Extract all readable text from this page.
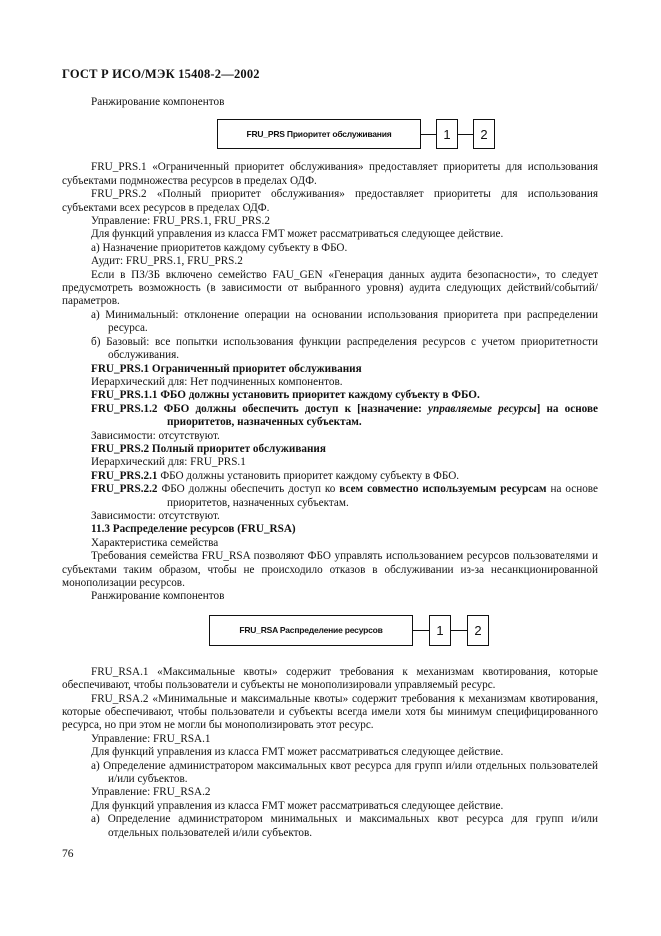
ГОСТ Р ИСО/МЭК 15408-2—2002

Ранжирование компонентов

FRU_PRS Приоритет обслуживания	1	2

FRU_PRS.1 «Ограниченный приоритет обслуживания» предоставляет приоритеты для использования субъектами подмножества ресурсов в пределах ОДФ.

FRU_PRS.2 «Полный приоритет обслуживания» предоставляет приоритеты для использования субъектами всех ресурсов в пределах ОДФ.

Управление: FRU_PRS.1, FRU_PRS.2

Для функций управления из класса FMT может рассматриваться следующее действие.

а) Назначение приоритетов каждому субъекту в ФБО.

Аудит: FRU_PRS.1, FRU_PRS.2

Если в ПЗ/ЗБ включено семейство FAU_GEN «Генерация данных аудита безопасности», то следует предусмотреть возможность (в зависимости от выбранного уровня) аудита следующих действий/событий/параметров.

а) Минимальный: отклонение операции на основании использования приоритета при распределении ресурса.

б) Базовый: все попытки использования функции распределения ресурсов с учетом приоритетности обслуживания.

FRU_PRS.1 Ограниченный приоритет обслуживания

Иерархический для: Нет подчиненных компонентов.

FRU_PRS.1.1 ФБО должны установить приоритет каждому субъекту в ФБО.

FRU_PRS.1.2 ФБО должны обеспечить доступ к [назначение: управляемые ресурсы] на основе приоритетов, назначенных субъектам.

Зависимости: отсутствуют.

FRU_PRS.2 Полный приоритет обслуживания

Иерархический для: FRU_PRS.1

FRU_PRS.2.1 ФБО должны установить приоритет каждому субъекту в ФБО.

FRU_PRS.2.2 ФБО должны обеспечить доступ ко всем совместно используемым ресурсам на основе приоритетов, назначенных субъектам.

Зависимости: отсутствуют.

11.3 Распределение ресурсов (FRU_RSA)

Характеристика семейства

Требования семейства FRU_RSA позволяют ФБО управлять использованием ресурсов пользователями и субъектами таким образом, чтобы не происходило отказов в обслуживании из-за несанкционированной монополизации ресурсов.

Ранжирование компонентов

FRU_RSA Распределение ресурсов	1	2

FRU_RSA.1 «Максимальные квоты» содержит требования к механизмам квотирования, которые обеспечивают, чтобы пользователи и субъекты не монополизировали управляемый ресурс.

FRU_RSA.2 «Минимальные и максимальные квоты» содержит требования к механизмам квотирования, которые обеспечивают, чтобы пользователи и субъекты всегда имели хотя бы минимум специфицированного ресурса, но при этом не могли бы монополизировать этот ресурс.

Управление: FRU_RSA.1

Для функций управления из класса FMT может рассматриваться следующее действие.

а) Определение администратором максимальных квот ресурса для групп и/или отдельных пользователей и/или субъектов.

Управление: FRU_RSA.2

Для функций управления из класса FMT может рассматриваться следующее действие.

а) Определение администратором минимальных и максимальных квот ресурса для групп и/или отдельных пользователей и/или субъектов.

76
